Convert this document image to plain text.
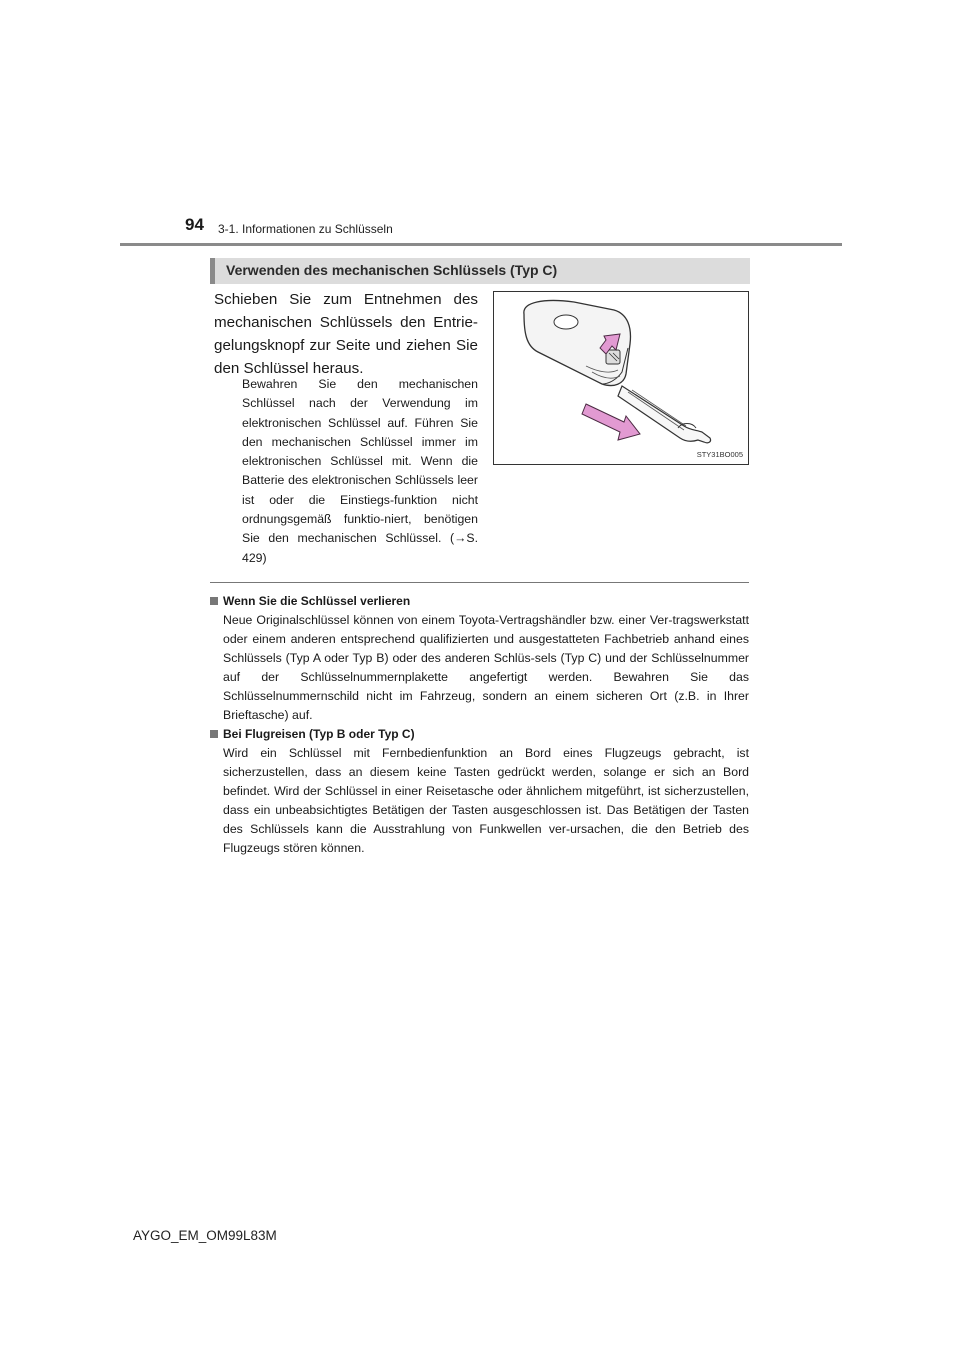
94 3-1. Informationen zu Schlüsseln
Verwenden des mechanischen Schlüssels (Typ C)

Schieben Sie zum Entnehmen des mechanischen Schlüssels den Entrie-gelungsknopf zur Seite und ziehen Sie den Schlüssel heraus.

Bewahren Sie den mechanischen Schlüssel nach der Verwendung im elektronischen Schlüssel auf. Führen Sie den mechanischen Schlüssel immer im elektronischen Schlüssel mit. Wenn die Batterie des elektronischen Schlüssels leer ist oder die Einstiegs-funktion nicht ordnungsgemäß funktio-niert, benötigen Sie den mechanischen Schlüssel. (→S. 429)

STY31BO005
Wenn Sie die Schlüssel verlieren

Neue Originalschlüssel können von einem Toyota-Vertragshändler bzw. einer Ver-tragswerkstatt oder einem anderen entsprechend qualifizierten und ausgestatteten Fachbetrieb anhand eines Schlüssels (Typ A oder Typ B) oder des anderen Schlüs-sels (Typ C) und der Schlüsselnummer auf der Schlüsselnummernplakette angefertigt werden. Bewahren Sie das Schlüsselnummernschild nicht im Fahrzeug, sondern an einem sicheren Ort (z.B. in Ihrer Brieftasche) auf.

Bei Flugreisen (Typ B oder Typ C)

Wird ein Schlüssel mit Fernbedienfunktion an Bord eines Flugzeugs gebracht, ist sicherzustellen, dass an diesem keine Tasten gedrückt werden, solange er sich an Bord befindet. Wird der Schlüssel in einer Reisetasche oder ähnlichem mitgeführt, ist sicherzustellen, dass ein unbeabsichtigtes Betätigen der Tasten ausgeschlossen ist. Das Betätigen der Tasten des Schlüssels kann die Ausstrahlung von Funkwellen ver-ursachen, die den Betrieb des Flugzeugs stören können.

AYGO_EM_OM99L83M
